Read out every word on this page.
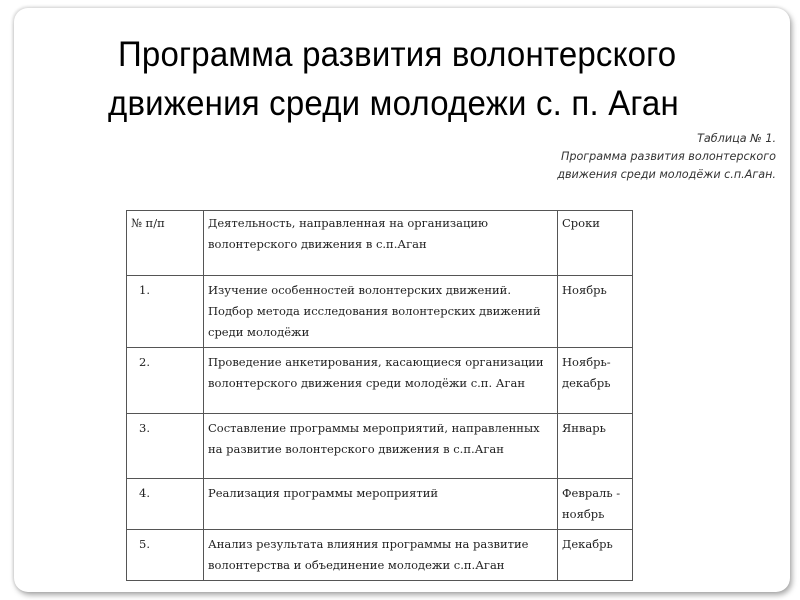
Программа развития волонтерского
движения среди молодежи с. п. Аган
Таблица № 1.
Программа развития волонтерского
движения среди молодёжи с.п.Аган.
№ п/п	Деятельность, направленная на организацию волонтерского движения в с.п.Аган	Сроки
1.	Изучение особенностей волонтерских движений. Подбор метода исследования волонтерских движений среди молодёжи	Ноябрь
2.	Проведение анкетирования, касающиеся организации волонтерского движения среди молодёжи с.п. Аган	Ноябрь-декабрь
3.	Составление программы мероприятий, направленных на развитие волонтерского движения в с.п.Аган	Январь
4.	Реализация программы мероприятий	Февраль - ноябрь
5.	Анализ результата влияния программы на развитие волонтерства и объединение молодежи с.п.Аган	Декабрь
